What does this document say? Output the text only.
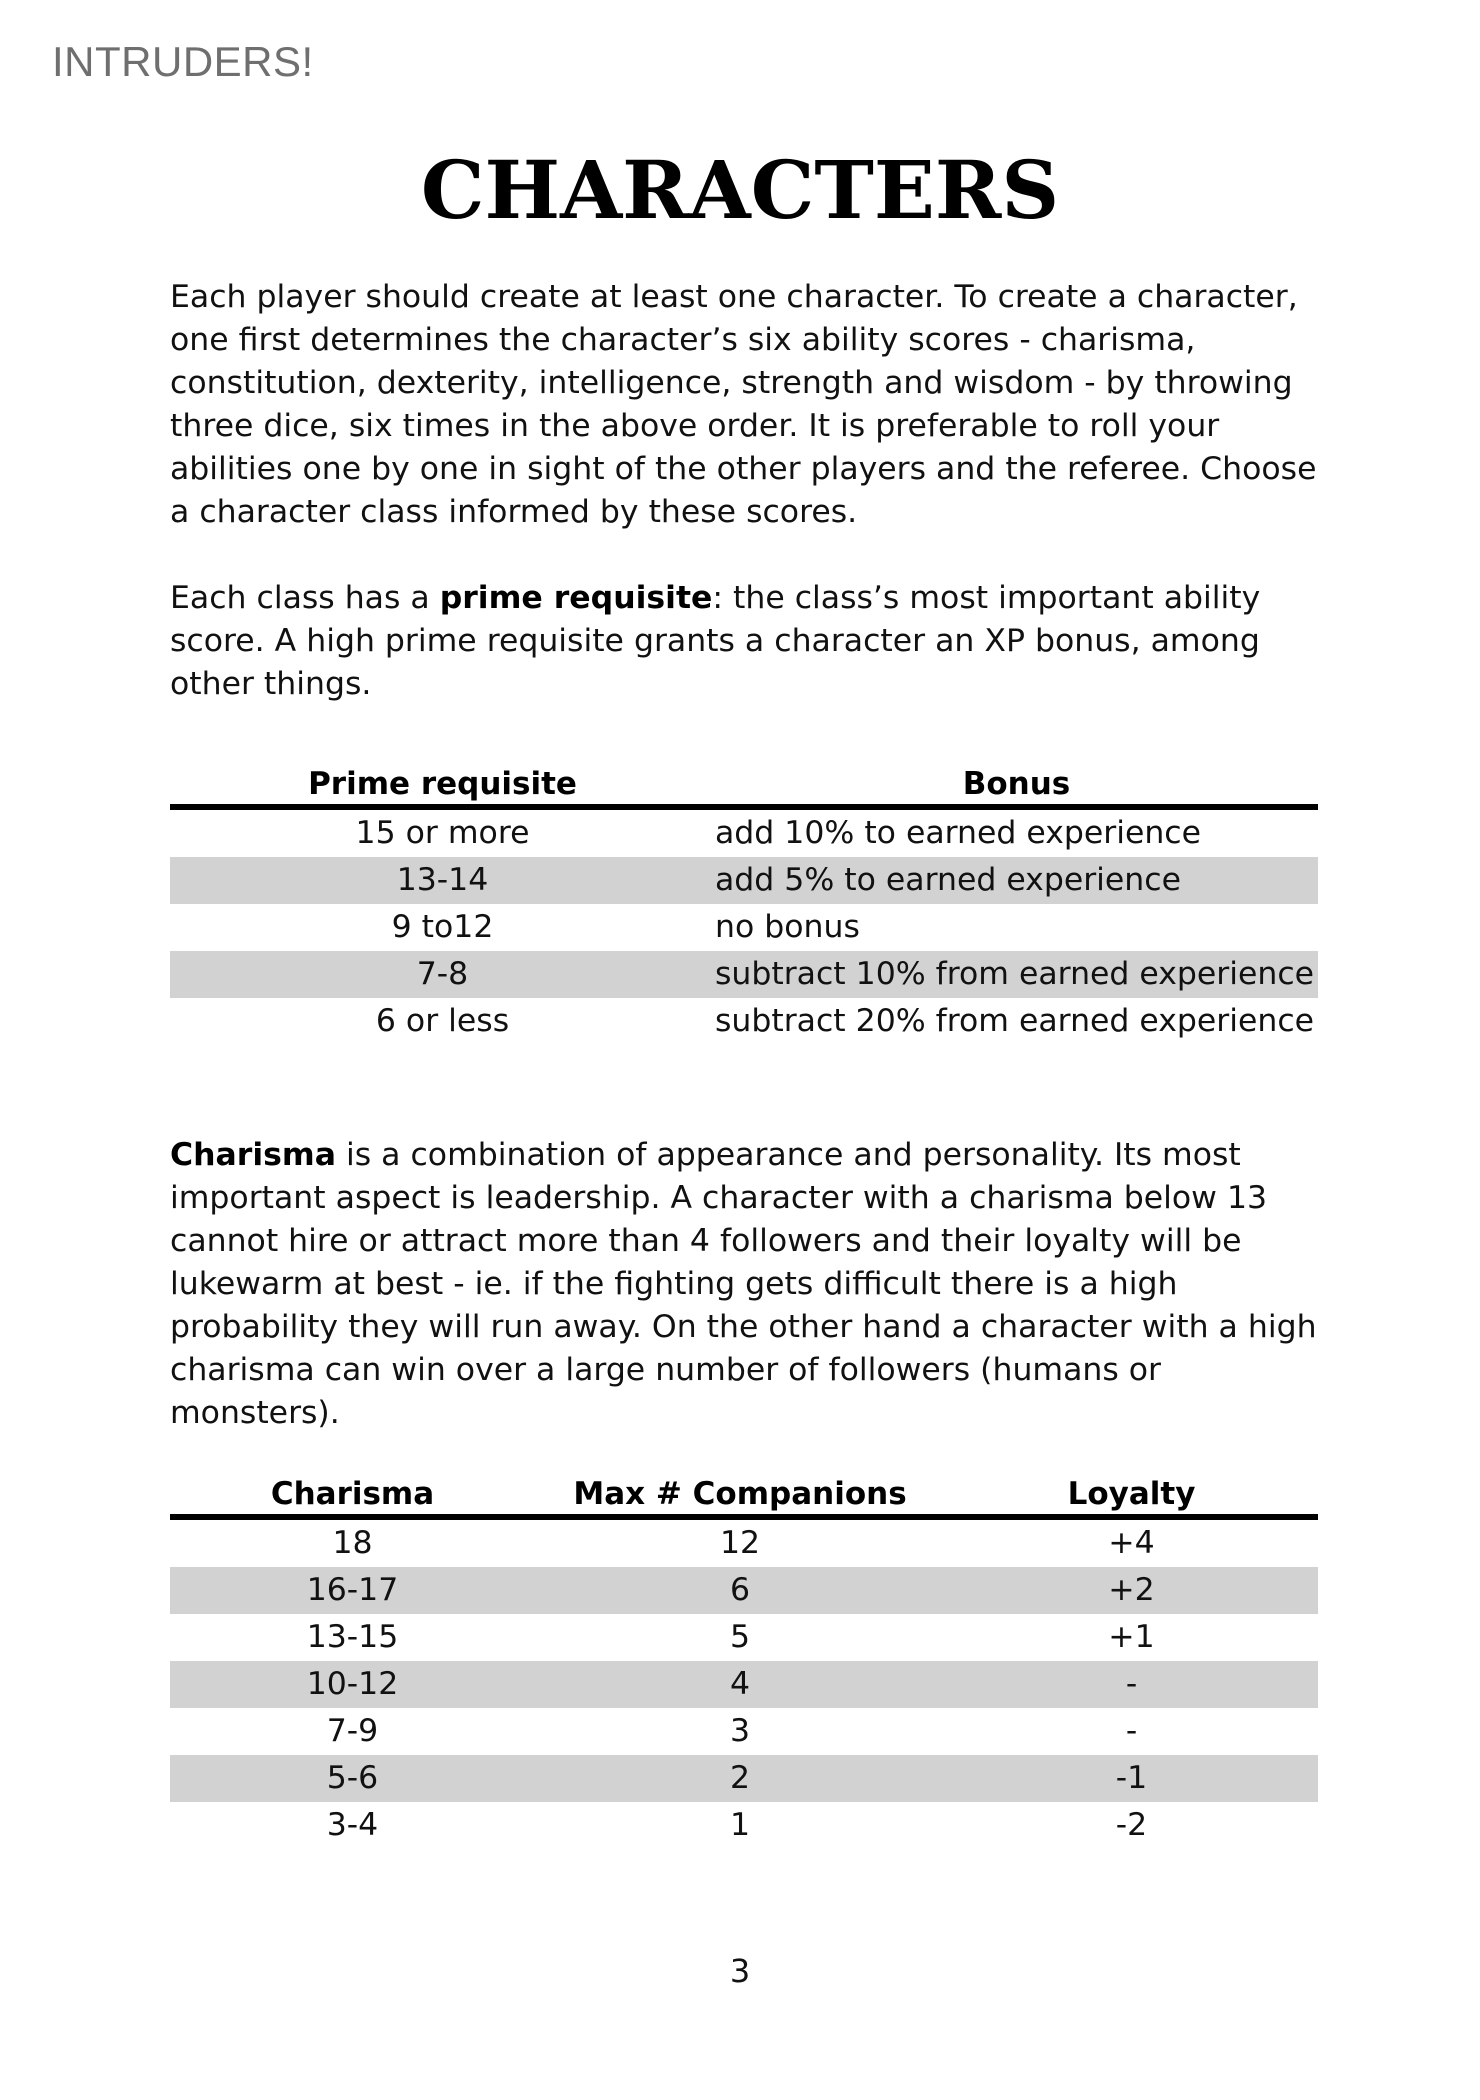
INTRUDERS!
CHARACTERS

Each player should create at least one character. To create a character, one first determines the character’s six ability scores - charisma, constitution, dexterity, intelligence, strength and wisdom - by throwing three dice, six times in the above order. It is preferable to roll your abilities one by one in sight of the other players and the referee. Choose a character class informed by these scores.

Each class has a prime requisite: the class’s most important ability score. A high prime requisite grants a character an XP bonus, among other things.

Prime requisite	Bonus
15 or more	add 10% to earned experience
13-14	add 5% to earned experience
9 to12	no bonus
7-8	subtract 10% from earned experience
6 or less	subtract 20% from earned experience

Charisma is a combination of appearance and personality. Its most important aspect is leadership. A character with a charisma below 13 cannot hire or attract more than 4 followers and their loyalty will be lukewarm at best - ie. if the fighting gets difficult there is a high probability they will run away. On the other hand a character with a high charisma can win over a large number of followers (humans or monsters).

Charisma	Max # Companions	Loyalty
18	12	+4
16-17	6	+2
13-15	5	+1
10-12	4	-
7-9	3	-
5-6	2	-1
3-4	1	-2
3
